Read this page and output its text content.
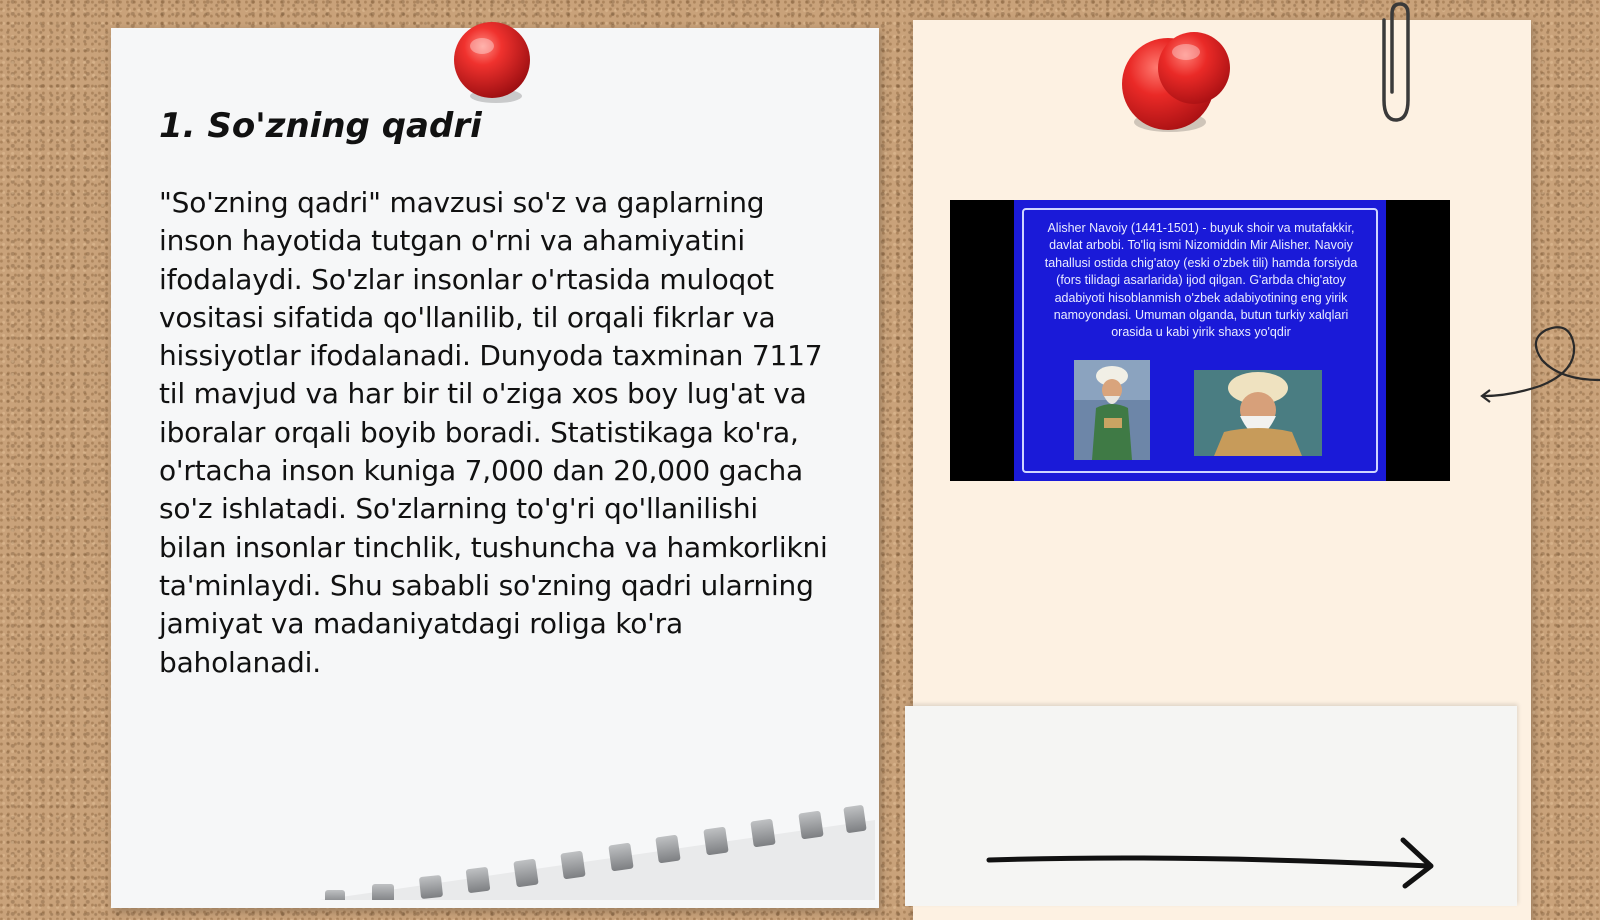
1. So'zning qadri
"So'zning qadri" mavzusi so'z va gaplarning inson hayotida tutgan o'rni va ahamiyatini ifodalaydi. So'zlar insonlar o'rtasida muloqot vositasi sifatida qo'llanilib, til orqali fikrlar va hissiyotlar ifodalanadi. Dunyoda taxminan 7117 til mavjud va har bir til o'ziga xos boy lug'at va iboralar orqali boyib boradi. Statistikaga ko'ra, o'rtacha inson kuniga 7,000 dan 20,000 gacha so'z ishlatadi. So'zlarning to'g'ri qo'llanilishi bilan insonlar tinchlik, tushuncha va hamkorlikni ta'minlaydi. Shu sababli so'zning qadri ularning jamiyat va madaniyatdagi roliga ko'ra baholanadi.
Alisher Navoiy (1441-1501) - buyuk shoir va mutafakkir, davlat arbobi. To'liq ismi Nizomiddin Mir Alisher. Navoiy tahallusi ostida chig'atoy (eski o'zbek tili) hamda forsiyda (fors tilidagi asarlarida) ijod qilgan. G'arbda chig'atoy adabiyoti hisoblanmish o'zbek adabiyotining eng yirik namoyondasi. Umuman olganda, butun turkiy xalqlari orasida u kabi yirik shaxs yo'qdir
